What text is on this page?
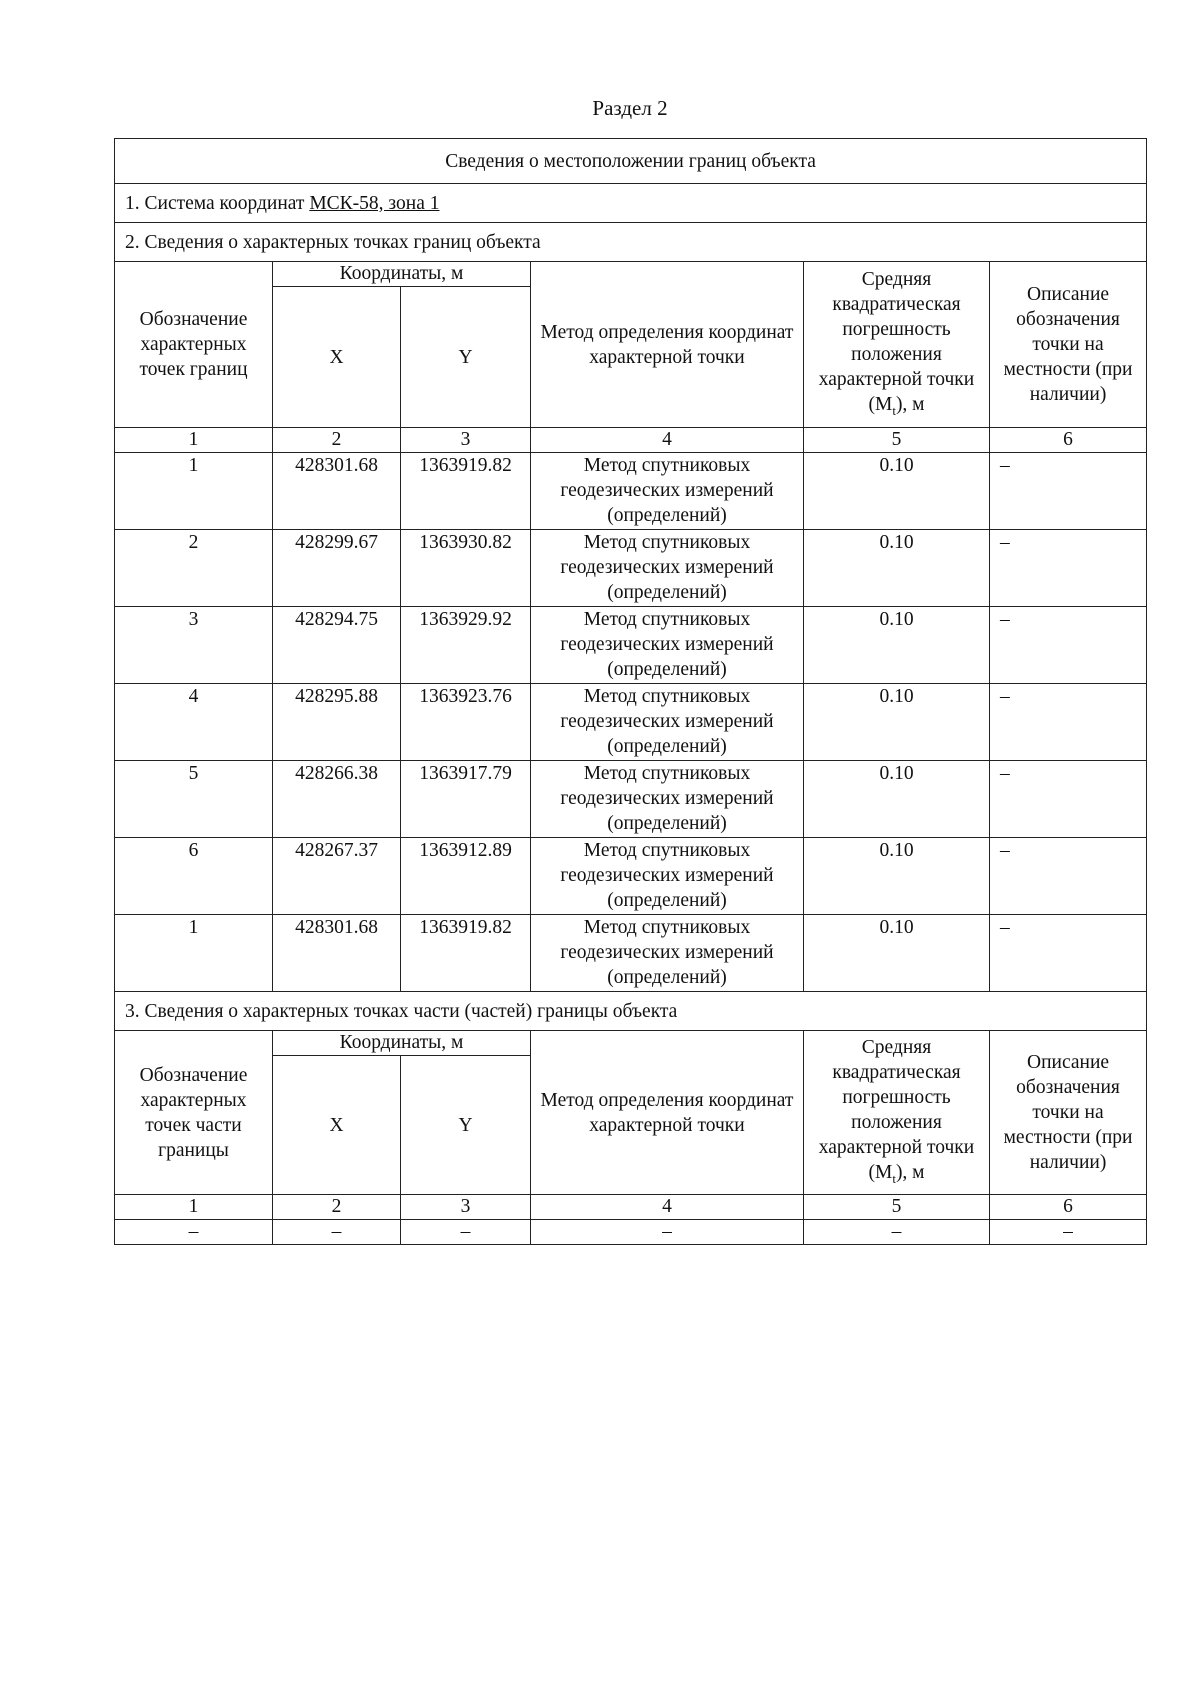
Раздел 2
Сведения о местоположении границ объекта					
1. Система координат МСК-58, зона 1					
2. Сведения о характерных точках границ объекта					
Обозначение характерных точек границ	Координаты, м		Метод определения координат характерной точки	Средняя квадратическая погрешность положения характерной точки $(M_t)$, м	Описание обозначения точки на местности (при наличии)
	X	Y			
1	2	3	4	5	6
1	428301.68	1363919.82	Метод спутниковых геодезических измерений (определений)	0.10	–
2	428299.67	1363930.82	Метод спутниковых геодезических измерений (определений)	0.10	–
3	428294.75	1363929.92	Метод спутниковых геодезических измерений (определений)	0.10	–
4	428295.88	1363923.76	Метод спутниковых геодезических измерений (определений)	0.10	–
5	428266.38	1363917.79	Метод спутниковых геодезических измерений (определений)	0.10	–
6	428267.37	1363912.89	Метод спутниковых геодезических измерений (определений)	0.10	–
1	428301.68	1363919.82	Метод спутниковых геодезических измерений (определений)	0.10	–
3. Сведения о характерных точках части (частей) границы объекта					
Обозначение характерных точек части границы	Координаты, м		Метод определения координат характерной точки	Средняя квадратическая погрешность положения характерной точки $(M_t)$, м	Описание обозначения точки на местности (при наличии)
	X	Y			
1	2	3	4	5	6
–	–	–	–	–	–
